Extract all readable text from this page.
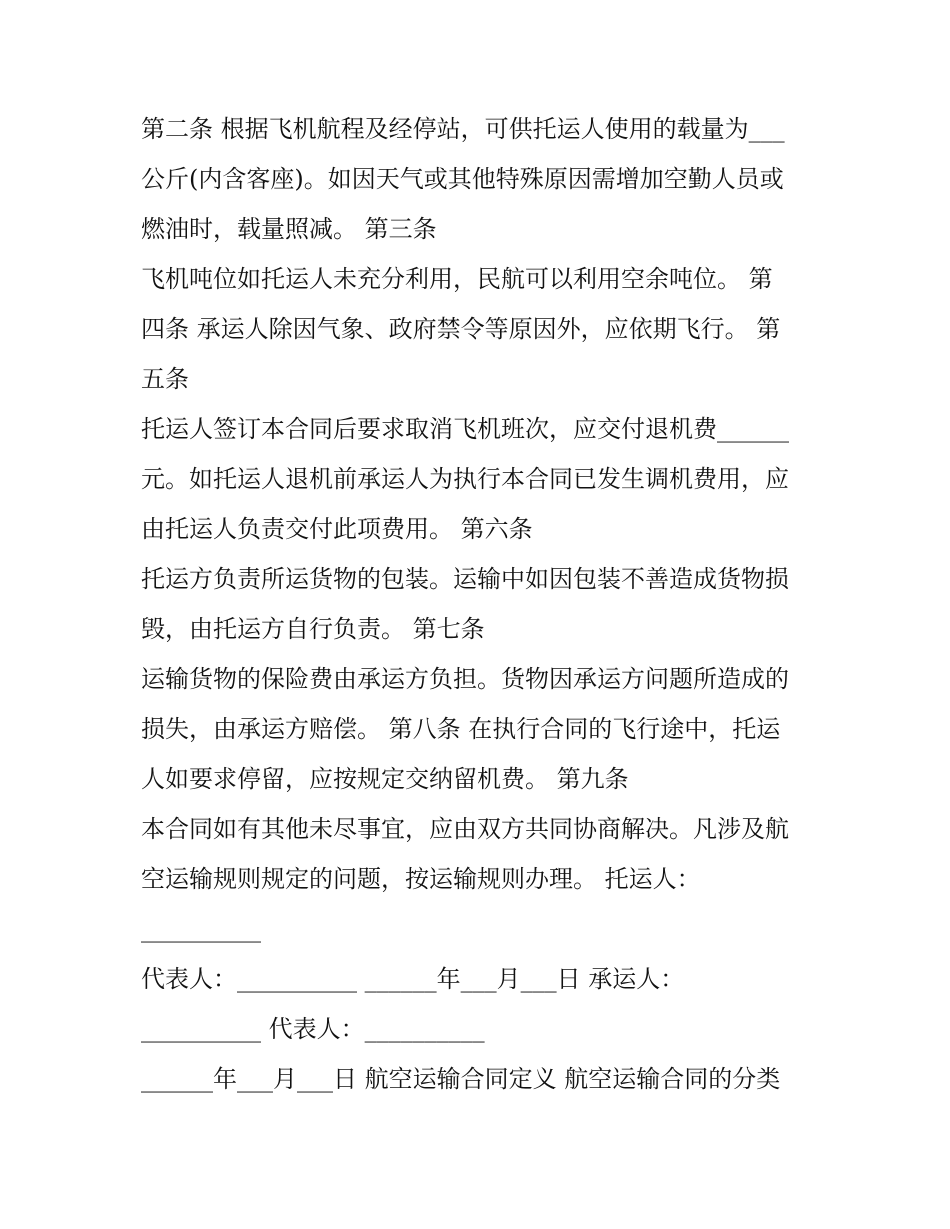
第二条 根据飞机航程及经停站，可供托运人使用的载量为___
公斤(内含客座)。如因天气或其他特殊原因需增加空勤人员或
燃油时，载量照减。 第三条
飞机吨位如托运人未充分利用，民航可以利用空余吨位。 第
四条 承运人除因气象、政府禁令等原因外，应依期飞行。 第
五条
托运人签订本合同后要求取消飞机班次，应交付退机费______
元。如托运人退机前承运人为执行本合同已发生调机费用，应
由托运人负责交付此项费用。 第六条
托运方负责所运货物的包装。运输中如因包装不善造成货物损
毁，由托运方自行负责。 第七条
运输货物的保险费由承运方负担。货物因承运方问题所造成的
损失，由承运方赔偿。 第八条 在执行合同的飞行途中，托运
人如要求停留，应按规定交纳留机费。 第九条
本合同如有其他未尽事宜，应由双方共同协商解决。凡涉及航
空运输规则规定的问题，按运输规则办理。 托运人：
__________
代表人：__________ ______年___月___日 承运人：
__________ 代表人：__________
______年___月___日 航空运输合同定义 航空运输合同的分类
